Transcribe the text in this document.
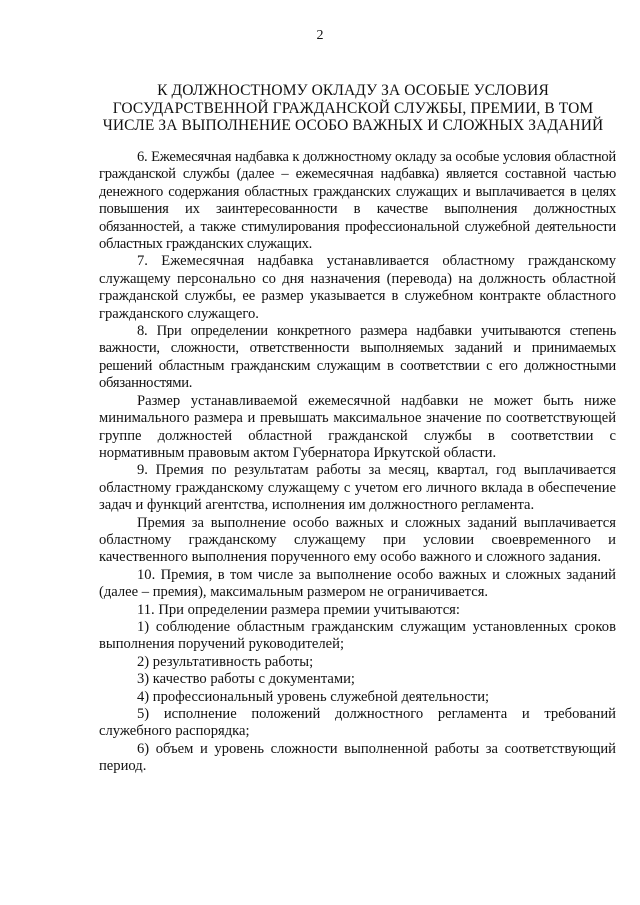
2
К ДОЛЖНОСТНОМУ ОКЛАДУ ЗА ОСОБЫЕ УСЛОВИЯ
ГОСУДАРСТВЕННОЙ ГРАЖДАНСКОЙ СЛУЖБЫ, ПРЕМИИ, В ТОМ
ЧИСЛЕ ЗА ВЫПОЛНЕНИЕ ОСОБО ВАЖНЫХ И СЛОЖНЫХ ЗАДАНИЙ

6. Ежемесячная надбавка к должностному окладу за особые условия областной гражданской службы (далее – ежемесячная надбавка) является составной частью денежного содержания областных гражданских служащих и выплачивается в целях повышения их заинтересованности в качестве выполнения должностных обязанностей, а также стимулирования профессиональной служебной деятельности областных гражданских служащих.

7. Ежемесячная надбавка устанавливается областному гражданскому служащему персонально со дня назначения (перевода) на должность областной гражданской службы, ее размер указывается в служебном контракте областного гражданского служащего.

8. При определении конкретного размера надбавки учитываются степень важности, сложности, ответственности выполняемых заданий и принимаемых решений областным гражданским служащим в соответствии с его должностными обязанностями.

Размер устанавливаемой ежемесячной надбавки не может быть ниже минимального размера и превышать максимальное значение по соответствующей группе должностей областной гражданской службы в соответствии с нормативным правовым актом Губернатора Иркутской области.

9. Премия по результатам работы за месяц, квартал, год выплачивается областному гражданскому служащему с учетом его личного вклада в обеспечение задач и функций агентства, исполнения им должностного регламента.

Премия за выполнение особо важных и сложных заданий выплачивается областному гражданскому служащему при условии своевременного и качественного выполнения порученного ему особо важного и сложного задания.

10. Премия, в том числе за выполнение особо важных и сложных заданий (далее – премия), максимальным размером не ограничивается.

11. При определении размера премии учитываются:

1) соблюдение областным гражданским служащим установленных сроков выполнения поручений руководителей;

2) результативность работы;

3) качество работы с документами;

4) профессиональный уровень служебной деятельности;

5) исполнение положений должностного регламента и требований служебного распорядка;

6) объем и уровень сложности выполненной работы за соответствующий период.
